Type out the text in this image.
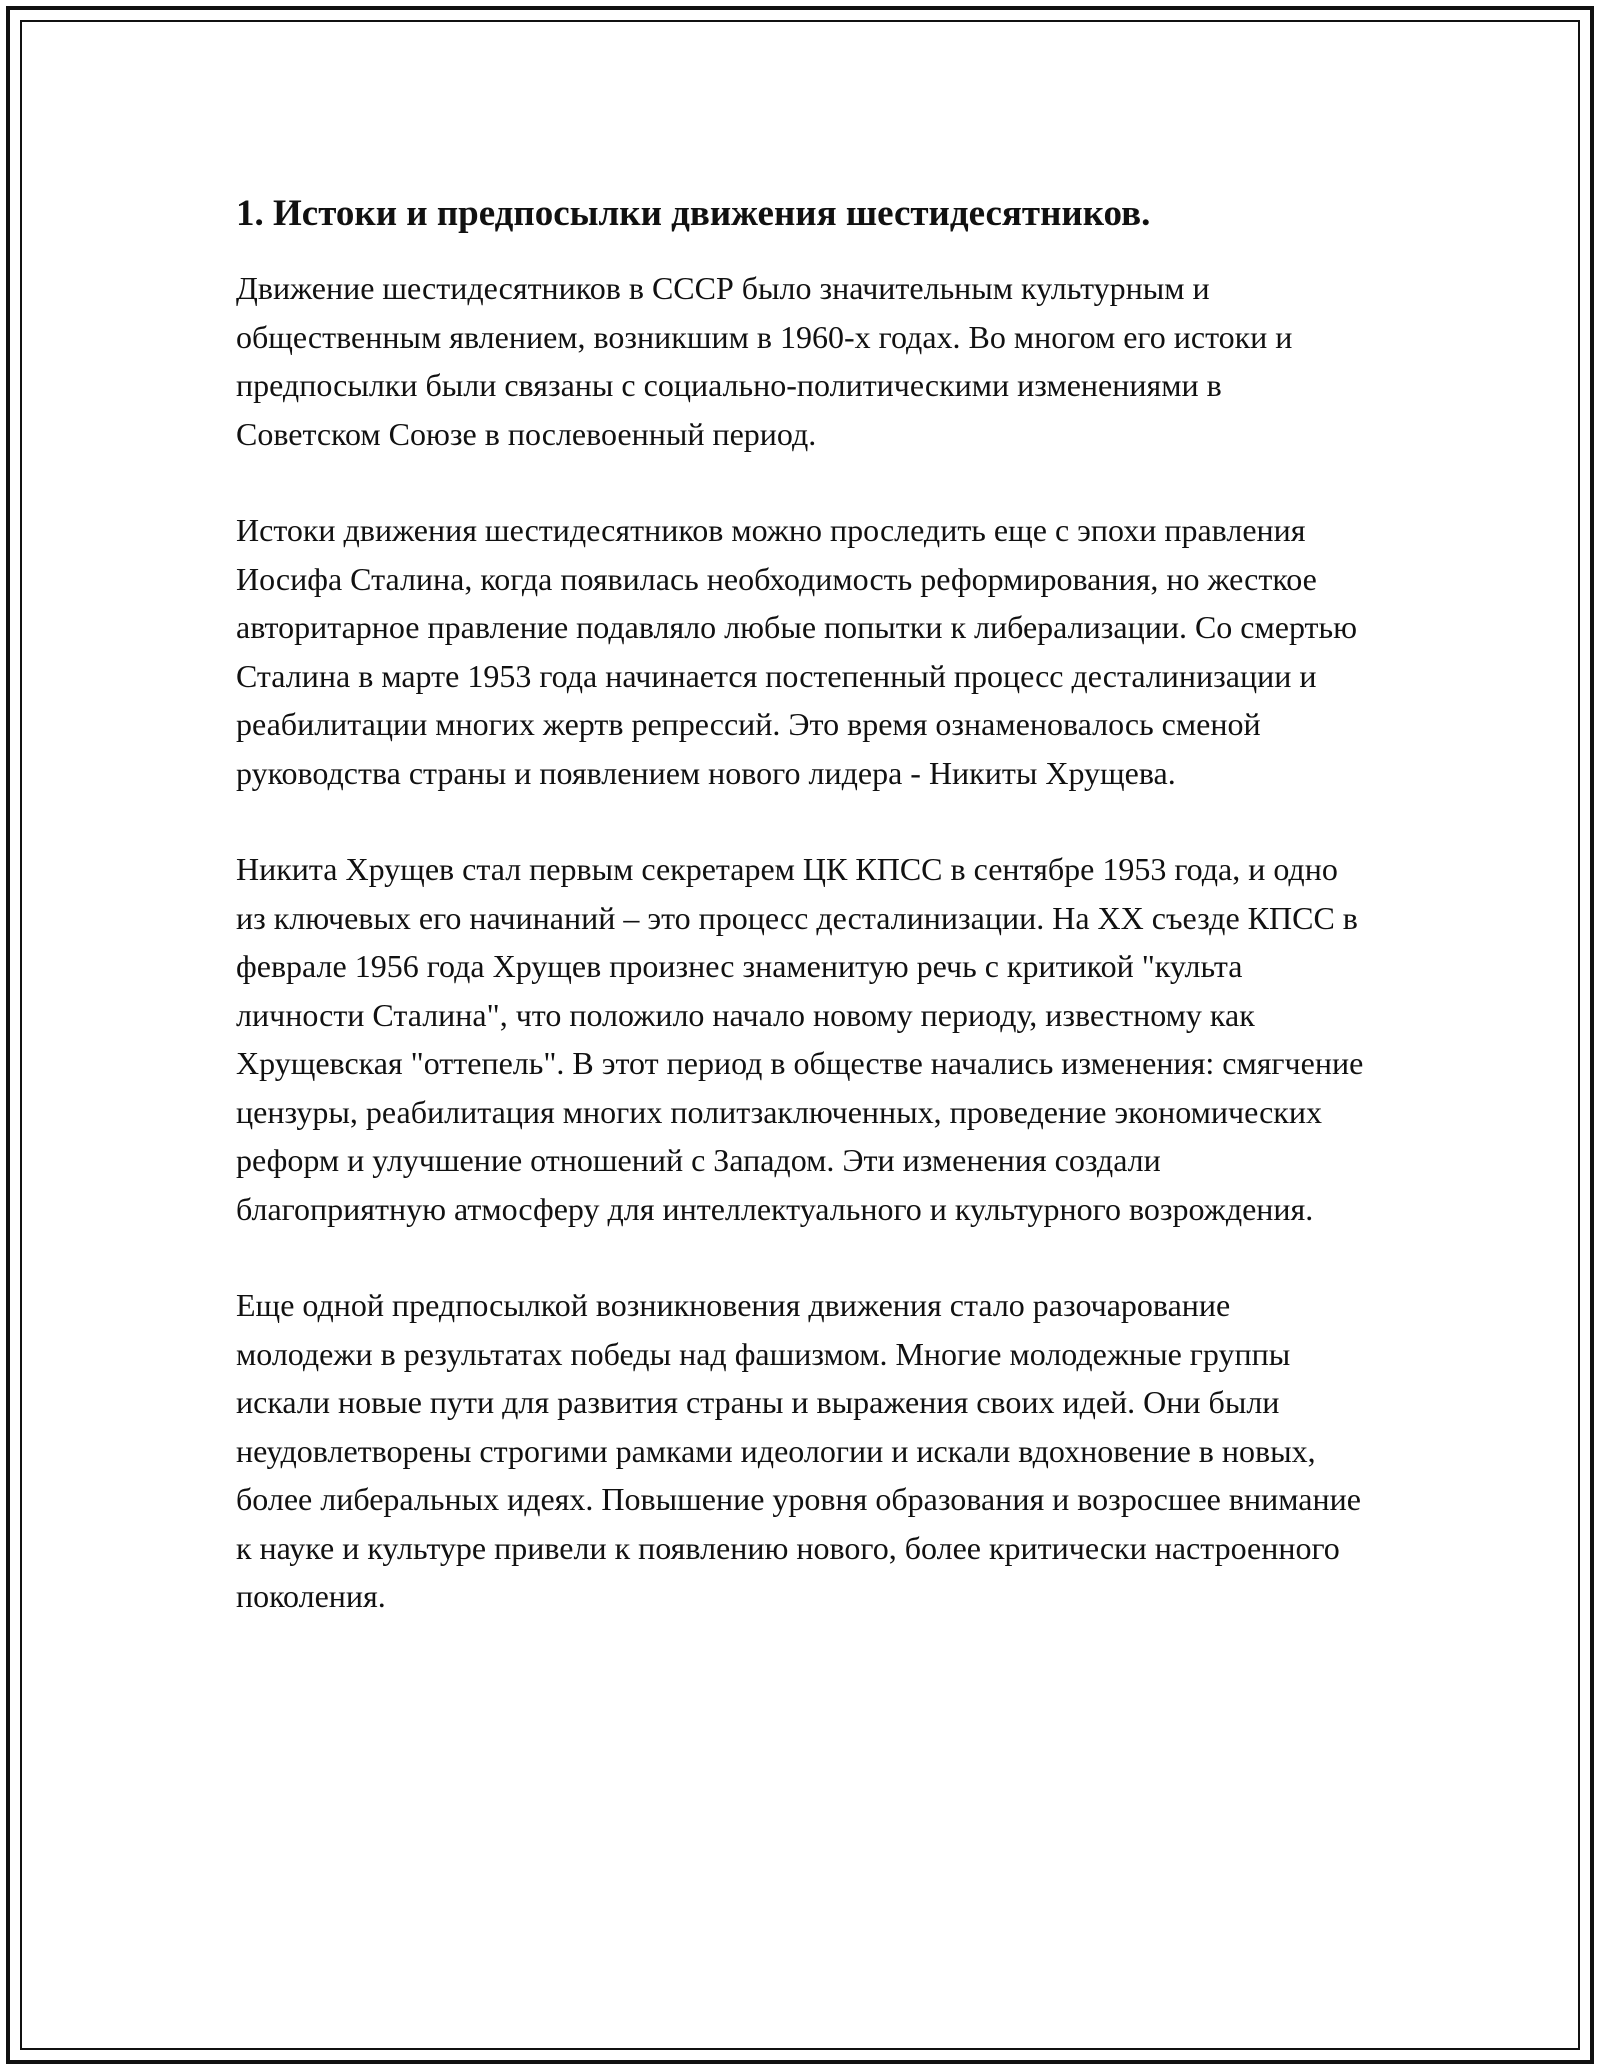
1. Истоки и предпосылки движения шестидесятников.

Движение шестидесятников в СССР было значительным культурным и общественным явлением, возникшим в 1960-х годах. Во многом его истоки и предпосылки были связаны с социально-политическими изменениями в Советском Союзе в послевоенный период.

Истоки движения шестидесятников можно проследить еще с эпохи правления Иосифа Сталина, когда появилась необходимость реформирования, но жесткое авторитарное правление подавляло любые попытки к либерализации. Со смертью Сталина в марте 1953 года начинается постепенный процесс десталинизации и реабилитации многих жертв репрессий. Это время ознаменовалось сменой руководства страны и появлением нового лидера - Никиты Хрущева.

Никита Хрущев стал первым секретарем ЦК КПСС в сентябре 1953 года, и одно из ключевых его начинаний – это процесс десталинизации. На XX съезде КПСС в феврале 1956 года Хрущев произнес знаменитую речь с критикой "культа личности Сталина", что положило начало новому периоду, известному как Хрущевская "оттепель". В этот период в обществе начались изменения: смягчение цензуры, реабилитация многих политзаключенных, проведение экономических реформ и улучшение отношений с Западом. Эти изменения создали благоприятную атмосферу для интеллектуального и культурного возрождения.

Еще одной предпосылкой возникновения движения стало разочарование молодежи в результатах победы над фашизмом. Многие молодежные группы искали новые пути для развития страны и выражения своих идей. Они были неудовлетворены строгими рамками идеологии и искали вдохновение в новых, более либеральных идеях. Повышение уровня образования и возросшее внимание к науке и культуре привели к появлению нового, более критически настроенного поколения.
